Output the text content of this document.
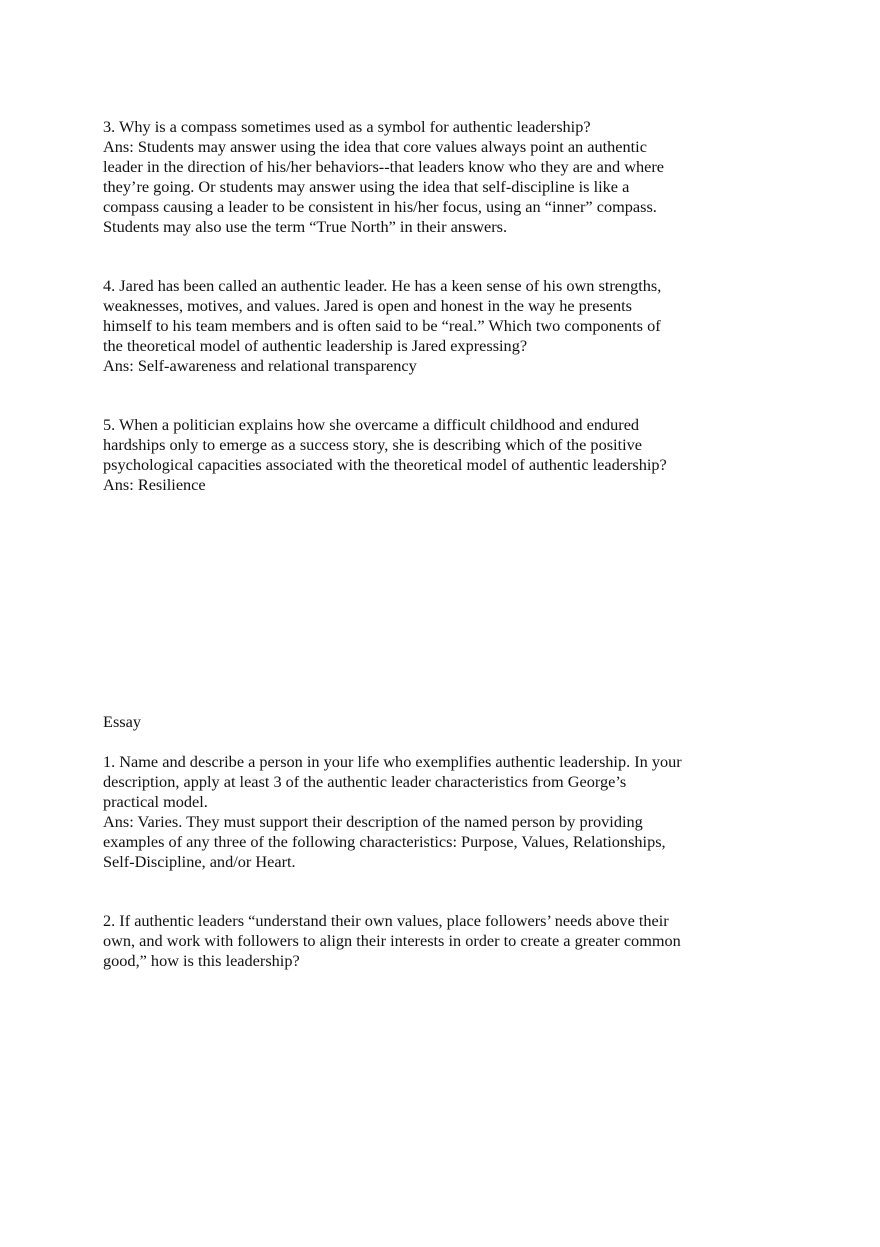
3. Why is a compass sometimes used as a symbol for authentic leadership?
Ans: Students may answer using the idea that core values always point an authentic
leader in the direction of his/her behaviors--that leaders know who they are and where
they’re going. Or students may answer using the idea that self-discipline is like a
compass causing a leader to be consistent in his/her focus, using an “inner” compass.
Students may also use the term “True North” in their answers.
4. Jared has been called an authentic leader. He has a keen sense of his own strengths,
weaknesses, motives, and values. Jared is open and honest in the way he presents
himself to his team members and is often said to be “real.” Which two components of
the theoretical model of authentic leadership is Jared expressing?
Ans: Self-awareness and relational transparency
5. When a politician explains how she overcame a difficult childhood and endured
hardships only to emerge as a success story, she is describing which of the positive
psychological capacities associated with the theoretical model of authentic leadership?
Ans: Resilience
Essay
1. Name and describe a person in your life who exemplifies authentic leadership. In your
description, apply at least 3 of the authentic leader characteristics from George’s
practical model.
Ans: Varies. They must support their description of the named person by providing
examples of any three of the following characteristics: Purpose, Values, Relationships,
Self-Discipline, and/or Heart.
2. If authentic leaders “understand their own values, place followers’ needs above their
own, and work with followers to align their interests in order to create a greater common
good,” how is this leadership?
